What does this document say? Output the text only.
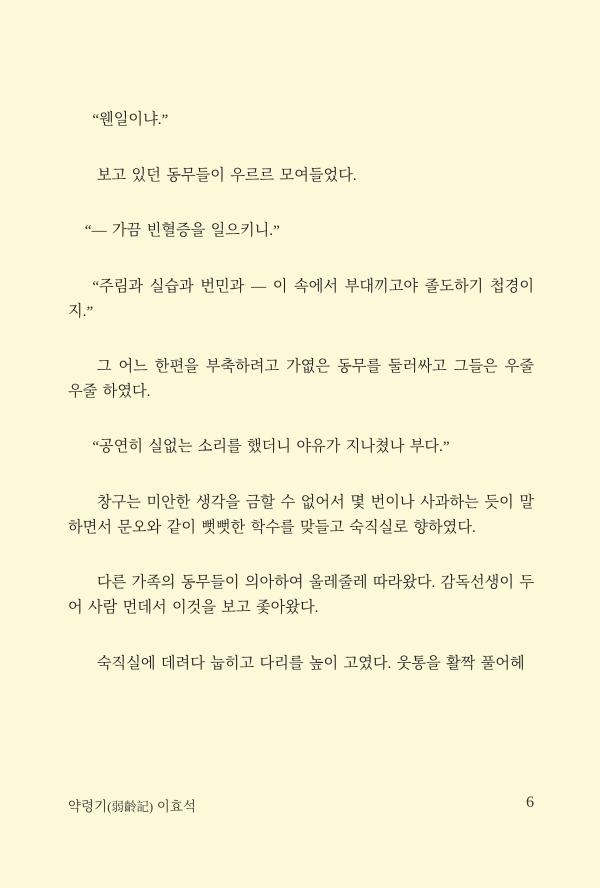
“웬일이냐.”

보고 있던 동무들이 우르르 모여들었다.

“— 가끔 빈혈증을 일으키니.”

“주림과 실습과 번민과 — 이 속에서 부대끼고야 졸도하기 첩경이지.”

그 어느 한편을 부축하려고 가엾은 동무를 둘러싸고 그들은 우줄우줄 하였다.

“공연히 실없는 소리를 했더니 야유가 지나쳤나 부다.”

창구는 미안한 생각을 금할 수 없어서 몇 번이나 사과하는 듯이 말하면서 문오와 같이 뻣뻣한 학수를 맞들고 숙직실로 향하였다.

다른 가족의 동무들이 의아하여 울레줄레 따라왔다. 감독선생이 두어 사람 먼데서 이것을 보고 좇아왔다.

숙직실에 데려다 눕히고 다리를 높이 고였다. 웃통을 활짝 풀어헤

약령기(弱齡記) 이효석	6
